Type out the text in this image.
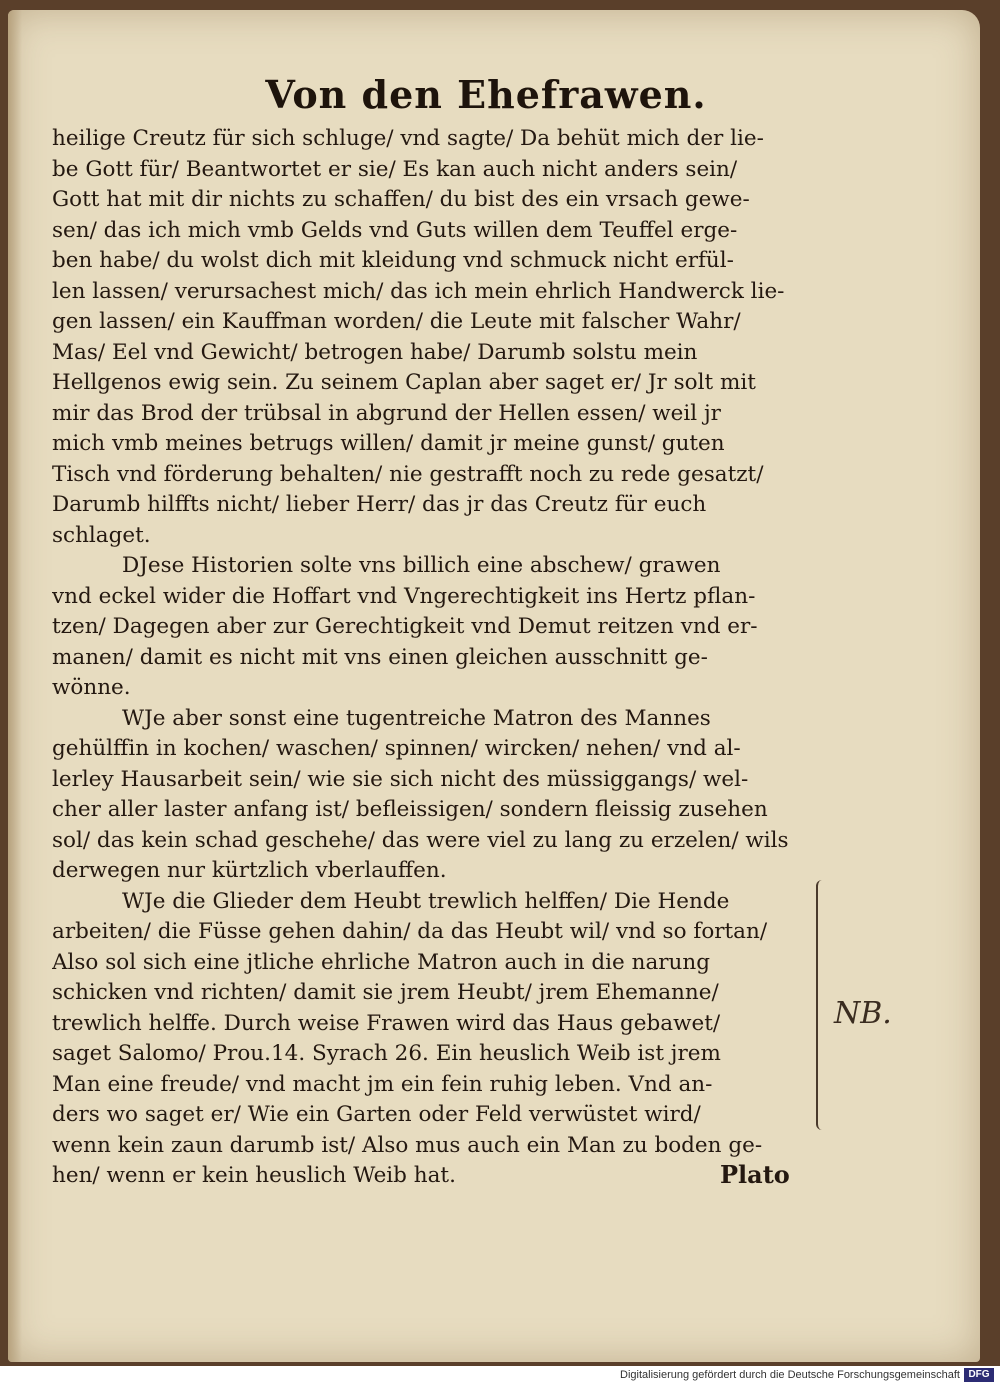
Von den Ehefrawen.
heilige Creutz für sich schluge/ vnd sagte/ Da behüt mich der lie-
be Gott für/ Beantwortet er sie/ Es kan auch nicht anders sein/
Gott hat mit dir nichts zu schaffen/ du bist des ein vrsach gewe-
sen/ das ich mich vmb Gelds vnd Guts willen dem Teuffel erge-
ben habe/ du wolst dich mit kleidung vnd schmuck nicht erfül-
len lassen/ verursachest mich/ das ich mein ehrlich Handwerck lie-
gen lassen/ ein Kauffman worden/ die Leute mit falscher Wahr/
Mas/ Eel vnd Gewicht/ betrogen habe/ Darumb solstu mein
Hellgenos ewig sein. Zu seinem Caplan aber saget er/ Jr solt mit
mir das Brod der trübsal in abgrund der Hellen essen/ weil jr
mich vmb meines betrugs willen/ damit jr meine gunst/ guten
Tisch vnd förderung behalten/ nie gestrafft noch zu rede gesatzt/
Darumb hilffts nicht/ lieber Herr/ das jr das Creutz für euch
schlaget.
DJese Historien solte vns billich eine abschew/ grawen
vnd eckel wider die Hoffart vnd Vngerechtigkeit ins Hertz pflan-
tzen/ Dagegen aber zur Gerechtigkeit vnd Demut reitzen vnd er-
manen/ damit es nicht mit vns einen gleichen ausschnitt ge-
wönne.
WJe aber sonst eine tugentreiche Matron des Mannes
gehülffin in kochen/ waschen/ spinnen/ wircken/ nehen/ vnd al-
lerley Hausarbeit sein/ wie sie sich nicht des müssiggangs/ wel-
cher aller laster anfang ist/ befleissigen/ sondern fleissig zusehen
sol/ das kein schad geschehe/ das were viel zu lang zu erzelen/ wils
derwegen nur kürtzlich vberlauffen.
WJe die Glieder dem Heubt trewlich helffen/ Die Hende
arbeiten/ die Füsse gehen dahin/ da das Heubt wil/ vnd so fortan/
Also sol sich eine jtliche ehrliche Matron auch in die narung
schicken vnd richten/ damit sie jrem Heubt/ jrem Ehemanne/
trewlich helffe. Durch weise Frawen wird das Haus gebawet/
saget Salomo/ Prou.14. Syrach 26. Ein heuslich Weib ist jrem
Man eine freude/ vnd macht jm ein fein ruhig leben. Vnd an-
ders wo saget er/ Wie ein Garten oder Feld verwüstet wird/
wenn kein zaun darumb ist/ Also mus auch ein Man zu boden ge-
hen/ wenn er kein heuslich Weib hat.
NB.
Plato
Digitalisierung gefördert durch die Deutsche Forschungsgemeinschaft DFG
